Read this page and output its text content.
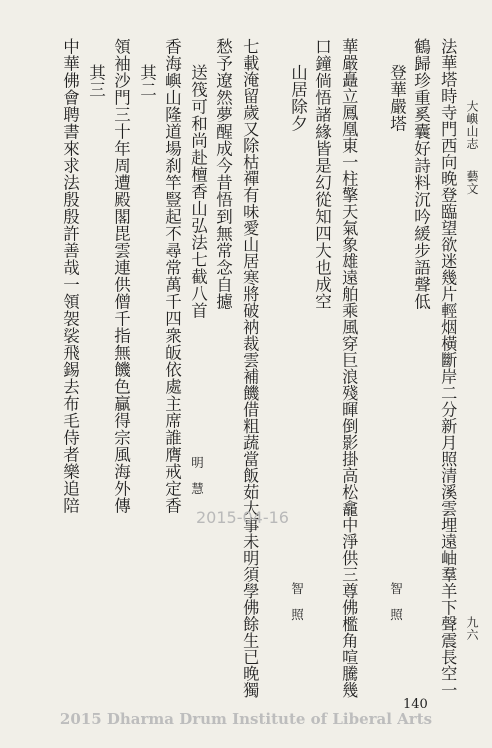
大嶼山志
藝文
九六
法華塔時寺門西向晚登臨望欲迷幾片輕烟橫斷岸二分新月照清溪雲埋遠岫羣羊下聲震長空一
鶴歸珍重奚囊好詩料沉吟緩步語聲低
登華嚴塔
智　照
華嚴矗立鳳凰東一柱擎天氣象雄遠舶乘風穿巨浪殘暉倒影掛高松龕中淨供三尊佛檻角喧騰幾
口鐘倘悟諸緣皆是幻從知四大也成空
山居除夕
智　照
七載淹留歲又除枯禪有味愛山居寒將破衲裁雲補饑借粗蔬當飯茹大事未明須學佛餘生已晚獨
愁予遼然夢醒成今昔悟到無常念自攄
送筏可和尚赴檀香山弘法七截八首
明　慧
香海嶼山隆道場刹竿豎起不尋常萬千四衆皈依處主席誰膺戒定香
其二
領袖沙門三十年周遭殿閣毘雲連供僧千指無饑色贏得宗風海外傳
其三
中華佛會聘書來求法殷殷許善哉一領袈裟飛錫去布毛侍者樂追陪
140
2015-04-16
2015 Dharma Drum Institute of Liberal Arts
